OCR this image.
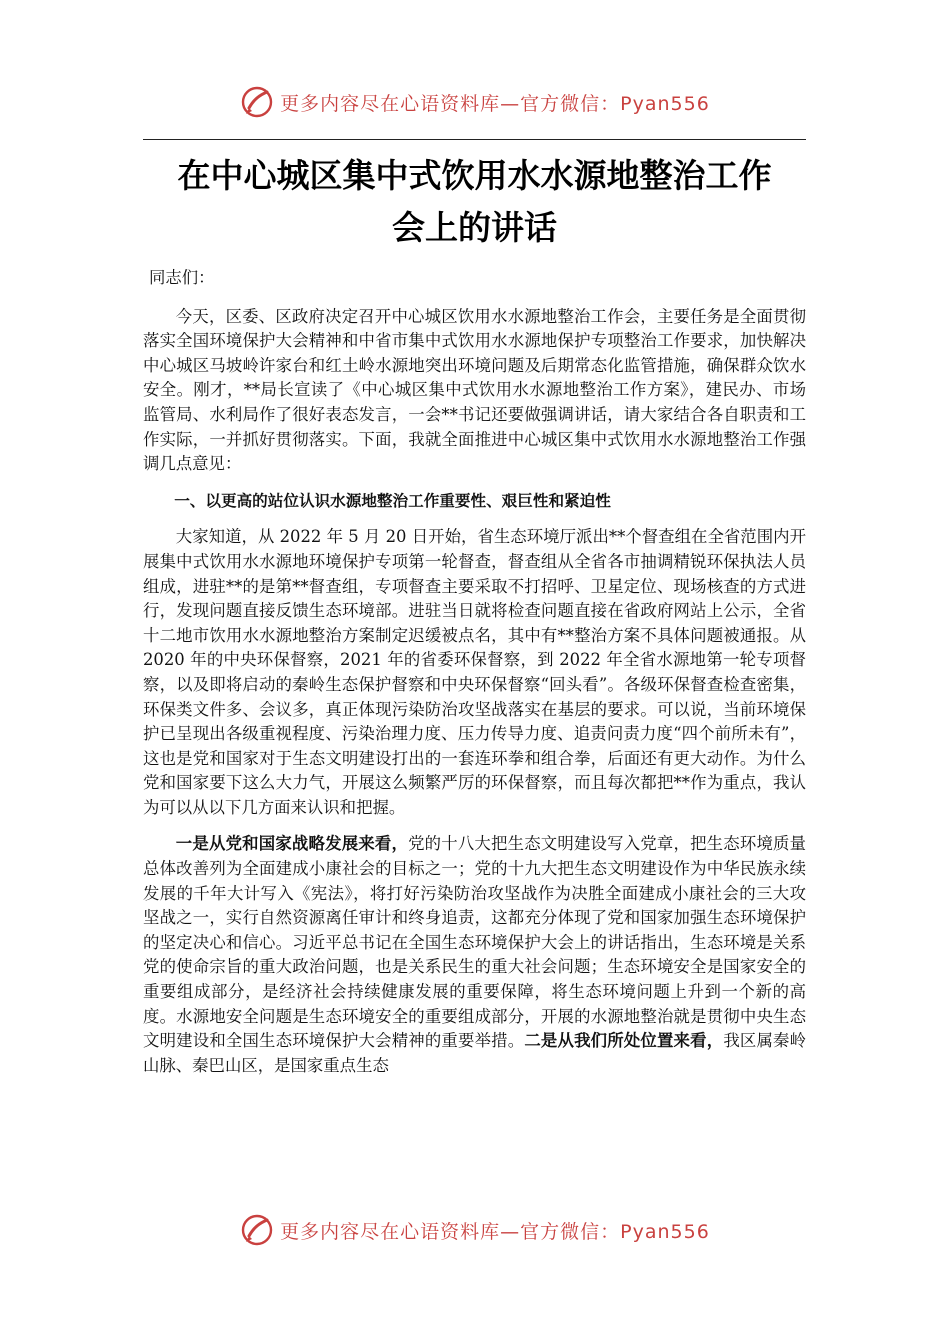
更多内容尽在心语资料库—官方微信：Pyan556
在中心城区集中式饮用水水源地整治工作
会上的讲话

同志们：

今天，区委、区政府决定召开中心城区饮用水水源地整治工作会，主要任务是全面贯彻落实全国环境保护大会精神和中省市集中式饮用水水源地保护专项整治工作要求，加快解决中心城区马坡岭许家台和红土岭水源地突出环境问题及后期常态化监管措施，确保群众饮水安全。刚才，**局长宣读了《中心城区集中式饮用水水源地整治工作方案》，建民办、市场监管局、水利局作了很好表态发言，一会**书记还要做强调讲话，请大家结合各自职责和工作实际，一并抓好贯彻落实。下面，我就全面推进中心城区集中式饮用水水源地整治工作强调几点意见：

一、以更高的站位认识水源地整治工作重要性、艰巨性和紧迫性

大家知道，从 2022 年 5 月 20 日开始，省生态环境厅派出**个督查组在全省范围内开展集中式饮用水水源地环境保护专项第一轮督查，督查组从全省各市抽调精锐环保执法人员组成，进驻**的是第**督查组，专项督查主要采取不打招呼、卫星定位、现场核查的方式进行，发现问题直接反馈生态环境部。进驻当日就将检查问题直接在省政府网站上公示，全省十二地市饮用水水源地整治方案制定迟缓被点名，其中有**整治方案不具体问题被通报。从 2020 年的中央环保督察，2021 年的省委环保督察，到 2022 年全省水源地第一轮专项督察，以及即将启动的秦岭生态保护督察和中央环保督察“回头看”。各级环保督查检查密集，环保类文件多、会议多，真正体现污染防治攻坚战落实在基层的要求。可以说，当前环境保护已呈现出各级重视程度、污染治理力度、压力传导力度、追责问责力度“四个前所未有”，这也是党和国家对于生态文明建设打出的一套连环拳和组合拳，后面还有更大动作。为什么党和国家要下这么大力气，开展这么频繁严厉的环保督察，而且每次都把**作为重点，我认为可以从以下几方面来认识和把握。

一是从党和国家战略发展来看，党的十八大把生态文明建设写入党章，把生态环境质量总体改善列为全面建成小康社会的目标之一；党的十九大把生态文明建设作为中华民族永续发展的千年大计写入《宪法》，将打好污染防治攻坚战作为决胜全面建成小康社会的三大攻坚战之一，实行自然资源离任审计和终身追责，这都充分体现了党和国家加强生态环境保护的坚定决心和信心。习近平总书记在全国生态环境保护大会上的讲话指出，生态环境是关系党的使命宗旨的重大政治问题，也是关系民生的重大社会问题；生态环境安全是国家安全的重要组成部分，是经济社会持续健康发展的重要保障，将生态环境问题上升到一个新的高度。水源地安全问题是生态环境安全的重要组成部分，开展的水源地整治就是贯彻中央生态文明建设和全国生态环境保护大会精神的重要举措。二是从我们所处位置来看，我区属秦岭山脉、秦巴山区，是国家重点生态

更多内容尽在心语资料库—官方微信：Pyan556
